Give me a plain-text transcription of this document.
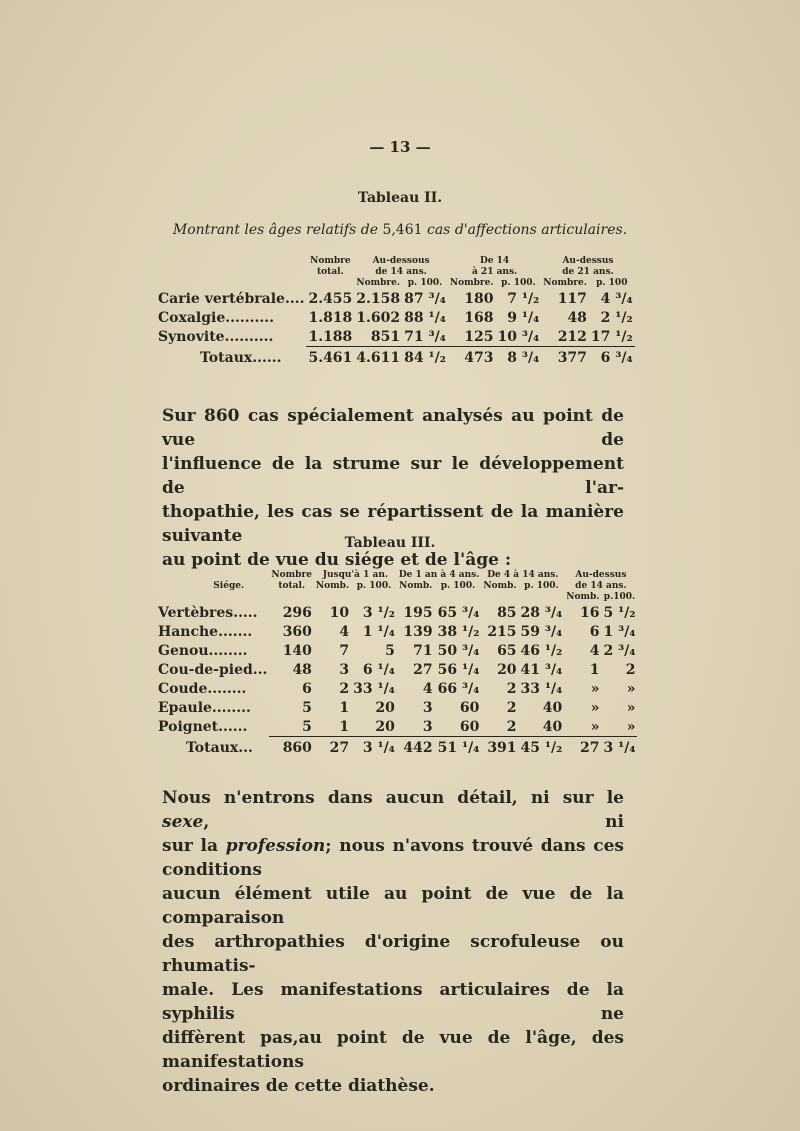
— 13 —
Tableau II.
Montrant les âges relatifs de 5,461 cas d'affections articulaires.
	Nombre	Au-dessous		De 14		Au-dessus	
	total.	de 14 ans.		à 21 ans.		de 21 ans.	
		Nombre.	p. 100.	Nombre.	p. 100.	Nombre.	p. 100
Carie vertébrale....	2.455	2.158	87 ³/₄	180	7 ¹/₂	117	4 ³/₄
Coxalgie..........	1.818	1.602	88 ¹/₄	168	9 ¹/₄	48	2 ¹/₂
Synovite..........	1.188	851	71 ³/₄	125	10 ³/₄	212	17 ¹/₂
Totaux......	5.461	4.611	84 ¹/₂	473	8 ³/₄	377	6 ³/₄
Sur 860 cas spécialement analysés au point de vue de
l'influence de la strume sur le développement de l'ar-
thopathie, les cas se répartissent de la manière suivante
au point de vue du siége et de l'âge :
Tableau III.
	Nombre	Jusqu'à 1 an.		De 1 an à 4 ans.		De 4 à 14 ans.		Au-dessus	
Siége.	total.	Nomb.	p. 100.	Nomb.	p. 100.	Nomb.	p. 100.	de 14 ans.	
								Nomb.	p.100.
Vertèbres.....	296	10	3 ¹/₂	195	65 ³/₄	85	28 ³/₄	16	5 ¹/₂
Hanche.......	360	4	1 ¹/₄	139	38 ¹/₂	215	59 ³/₄	6	1 ³/₄
Genou........	140	7	5	71	50 ³/₄	65	46 ¹/₂	4	2 ³/₄
Cou-de-pied...	48	3	6 ¹/₄	27	56 ¹/₄	20	41 ³/₄	1	2
Coude........	6	2	33 ¹/₄	4	66 ³/₄	2	33 ¹/₄	»	»
Epaule........	5	1	20	3	60	2	40	»	»
Poignet......	5	1	20	3	60	2	40	»	»
Totaux...	860	27	3 ¹/₄	442	51 ¹/₄	391	45 ¹/₂	27	3 ¹/₄
Nous n'entrons dans aucun détail, ni sur le sexe, ni
sur la profession; nous n'avons trouvé dans ces conditions
aucun élément utile au point de vue de la comparaison
des arthropathies d'origine scrofuleuse ou rhumatis-
male. Les manifestations articulaires de la syphilis ne
diffèrent pas,au point de vue de l'âge, des manifestations
ordinaires de cette diathèse.
